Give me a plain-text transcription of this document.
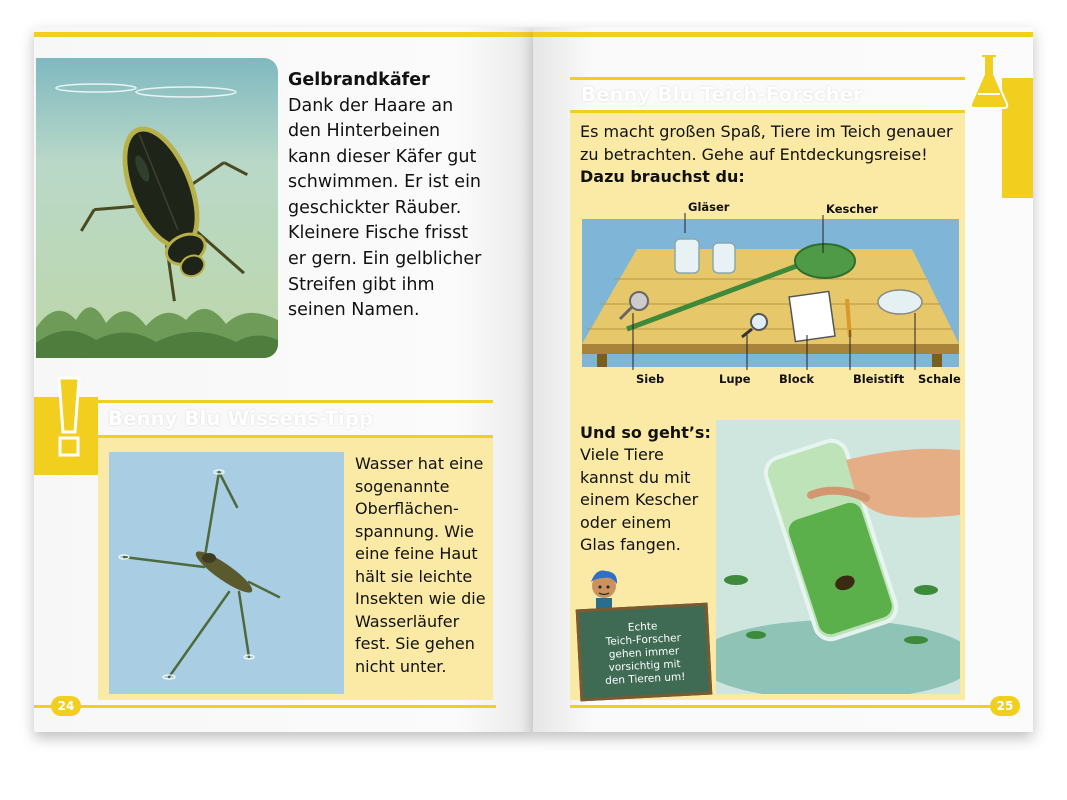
Gelbrandkäfer
Dank der Haare an
den Hinterbeinen
kann dieser Käfer gut
schwimmen. Er ist ein
geschickter Räuber.
Kleinere Fische frisst
er gern. Ein gelblicher
Streifen gibt ihm
seinen Namen.
Benny Blu Wissens-Tipp
Wasser hat eine
sogenannte
Oberflächen-
spannung. Wie
eine feine Haut
hält sie leichte
Insekten wie die
Wasserläufer
fest. Sie gehen
nicht unter.
24
Benny Blu Teich-Forscher
Es macht großen Spaß, Tiere im Teich genauer
zu betrachten. Gehe auf Entdeckungsreise!
Dazu brauchst du:
Gläser	Kescher
Sieb	Lupe Block	Bleistift Schale
Und so geht’s:
Viele Tiere
kannst du mit
einem Kescher
oder einem
Glas fangen.
Echte
Teich-Forscher
gehen immer
vorsichtig mit
den Tieren um!
25
